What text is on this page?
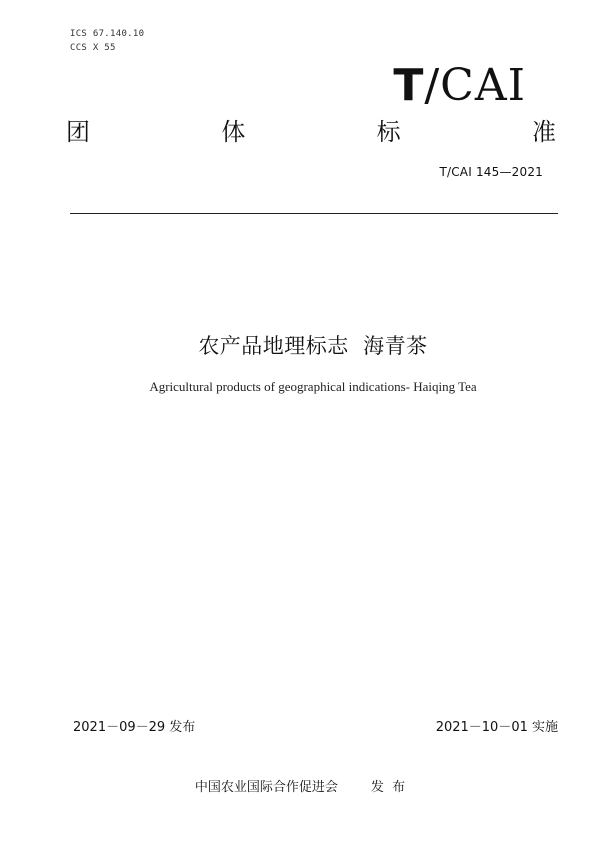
ICS 67.140.10
CCS X 55
T/CAI
团	体	标	准
T/CAI 145—2021
农产品地理标志  海青茶
Agricultural products of geographical indications- Haiqing Tea
2021－09－29 发布	2021－10－01 实施
中国农业国际合作促进会        发  布
